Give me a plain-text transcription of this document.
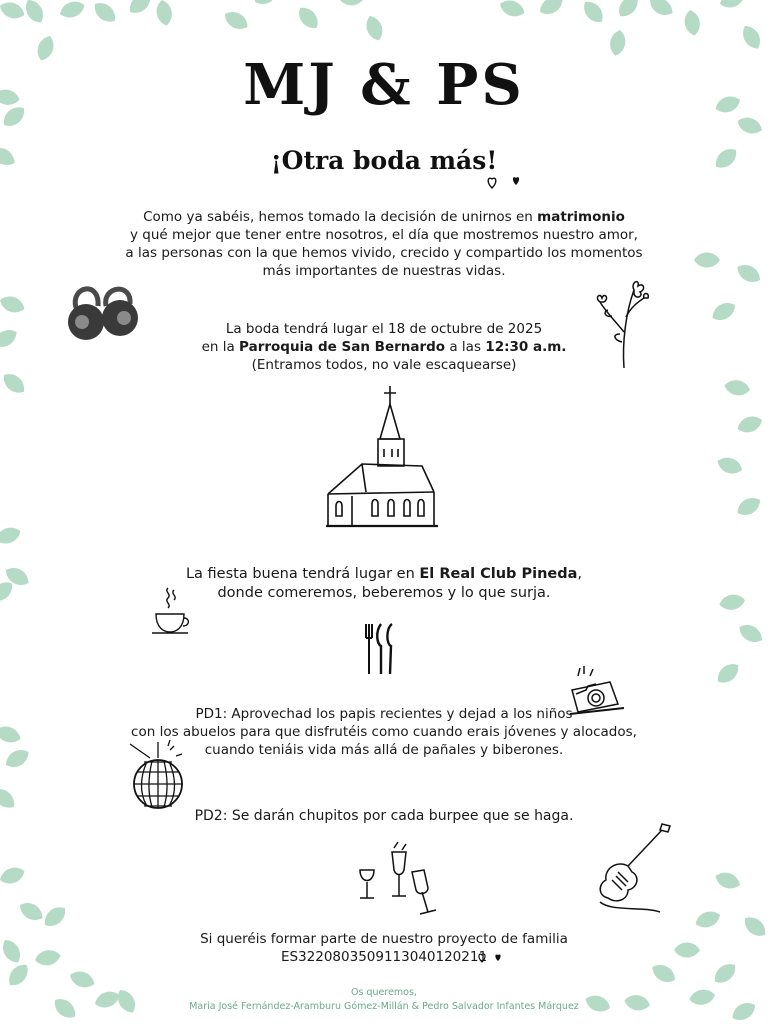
MJ & PS
¡Otra boda más!
Como ya sabéis, hemos tomado la decisión de unirnos en matrimonio
y qué mejor que tener entre nosotros, el día que mostremos nuestro amor,
a las personas con la que hemos vivido, crecido y compartido los momentos
más importantes de nuestras vidas.
La boda tendrá lugar el 18 de octubre de 2025
en la Parroquia de San Bernardo a las 12:30 a.m.
(Entramos todos, no vale escaquearse)
La fiesta buena tendrá lugar en El Real Club Pineda,
donde comeremos, beberemos y lo que surja.
PD1: Aprovechad los papis recientes y dejad a los niños
con los abuelos para que disfrutéis como cuando erais jóvenes y alocados,
cuando teniáis vida más allá de pañales y biberones.
PD2: Se darán chupitos por cada burpee que se haga.
Si queréis formar parte de nuestro proyecto de familia
ES3220803509113040120211
Os queremos,
Maria José Fernández-Aramburu Gómez-Millán & Pedro Salvador Infantes Márquez
